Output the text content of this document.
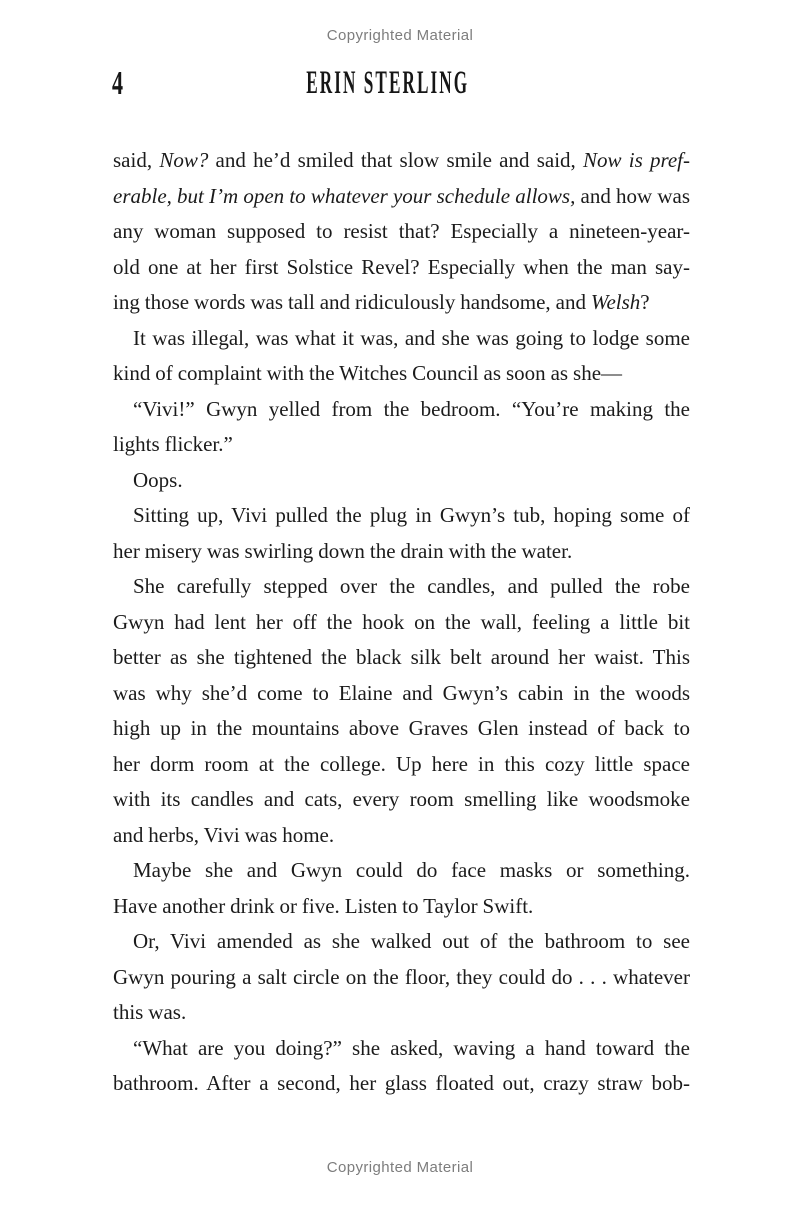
Copyrighted Material
4	ERIN STERLING
said, Now? and he’d smiled that slow smile and said, Now is pref-
erable, but I’m open to whatever your schedule allows, and how was
any woman supposed to resist that? Especially a nineteen-year-
old one at her first Solstice Revel? Especially when the man say-
ing those words was tall and ridiculously handsome, and Welsh?
It was illegal, was what it was, and she was going to lodge some
kind of complaint with the Witches Council as soon as she—
“Vivi!” Gwyn yelled from the bedroom. “You’re making the
lights flicker.”
Oops.
Sitting up, Vivi pulled the plug in Gwyn’s tub, hoping some of
her misery was swirling down the drain with the water.
She carefully stepped over the candles, and pulled the robe
Gwyn had lent her off the hook on the wall, feeling a little bit
better as she tightened the black silk belt around her waist. This
was why she’d come to Elaine and Gwyn’s cabin in the woods
high up in the mountains above Graves Glen instead of back to
her dorm room at the college. Up here in this cozy little space
with its candles and cats, every room smelling like woodsmoke
and herbs, Vivi was home.
Maybe she and Gwyn could do face masks or something.
Have another drink or five. Listen to Taylor Swift.
Or, Vivi amended as she walked out of the bathroom to see
Gwyn pouring a salt circle on the floor, they could do . . . whatever
this was.
“What are you doing?” she asked, waving a hand toward the
bathroom. After a second, her glass floated out, crazy straw bob-
Copyrighted Material
